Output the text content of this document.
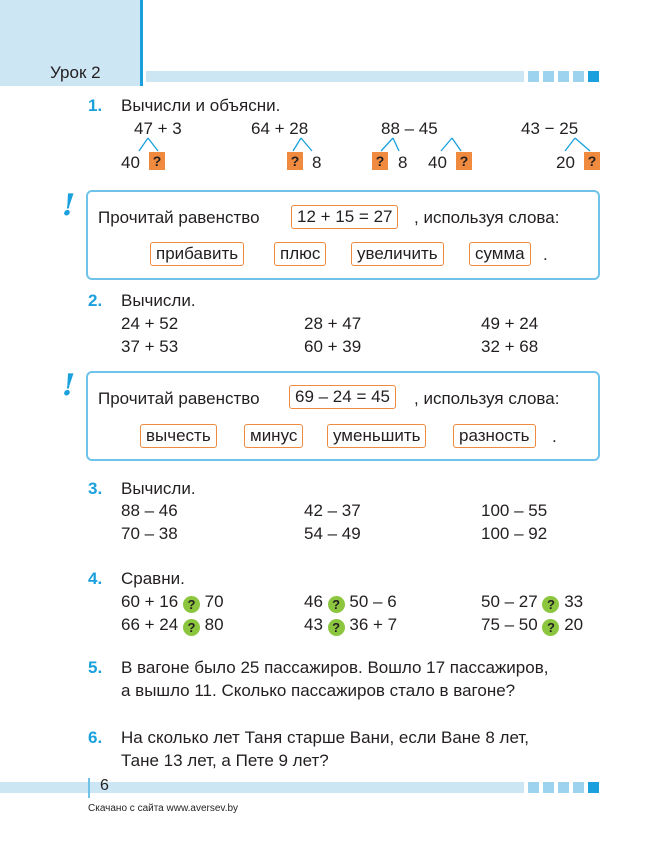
Урок 2
1. Вычисли и объясни.
47 + 3	64 + 28	88 – 45	43 − 25
40 ?	? 8	? 8 40 ?	20 ?
! Прочитай равенство	12 + 15 = 27	, используя слова:
прибавить	плюс	увеличить	сумма	.
2. Вычисли.
24 + 52	28 + 47	49 + 24
37 + 53	60 + 39	32 + 68
! Прочитай равенство	69 – 24 = 45	, используя слова:
вычесть	минус	уменьшить	разность	.
3. Вычисли.
88 – 46	42 – 37	100 – 55
70 – 38	54 – 49	100 – 92
4. Сравни.
60 + 16 ? 70	46 ? 50 – 6	50 – 27 ? 33
66 + 24 ? 80	43 ? 36 + 7	75 – 50 ? 20
5. В вагоне было 25 пассажиров. Вошло 17 пассажиров,
а вышло 11. Сколько пассажиров стало в вагоне?
6. На сколько лет Таня старше Вани, если Ване 8 лет,
Тане 13 лет, а Пете 9 лет?
6
Скачано с сайта www.aversev.by
